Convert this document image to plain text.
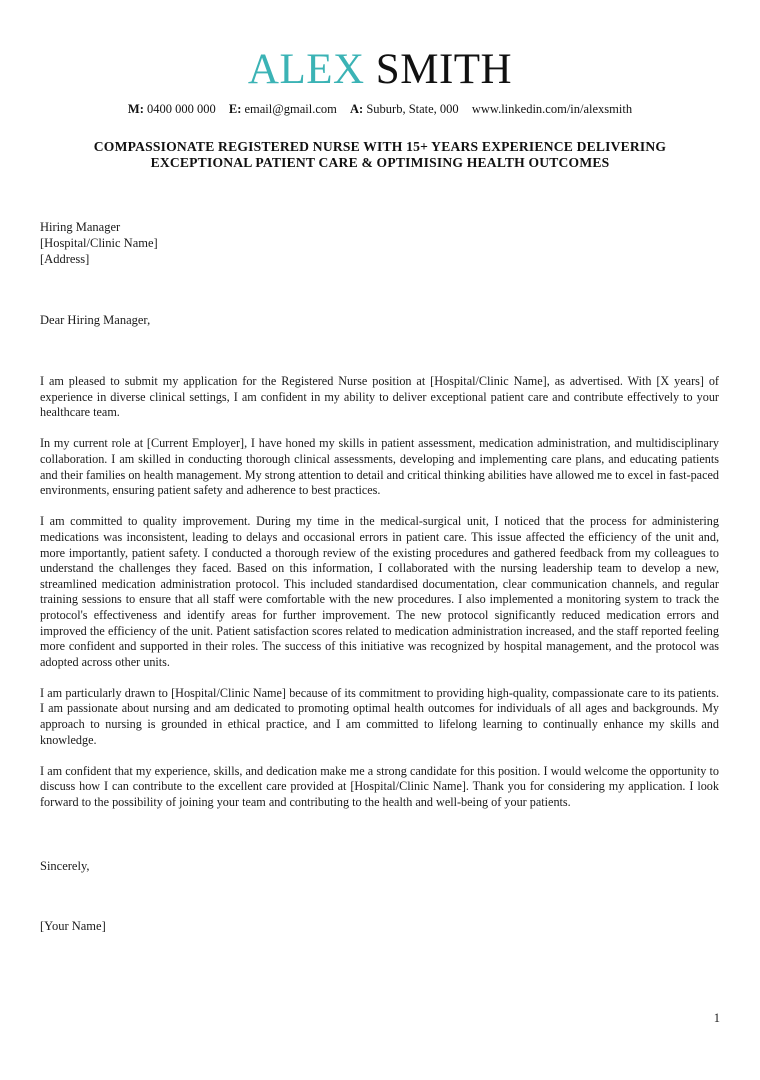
ALEX SMITH
M: 0400 000 000 E: email@gmail.com A: Suburb, State, 000 www.linkedin.com/in/alexsmith
COMPASSIONATE REGISTERED NURSE WITH 15+ YEARS EXPERIENCE DELIVERING
EXCEPTIONAL PATIENT CARE & OPTIMISING HEALTH OUTCOMES
Hiring Manager
[Hospital/Clinic Name]
[Address]
Dear Hiring Manager,

I am pleased to submit my application for the Registered Nurse position at [Hospital/Clinic Name], as advertised. With [X years] of experience in diverse clinical settings, I am confident in my ability to deliver exceptional patient care and contribute effectively to your healthcare team.

In my current role at [Current Employer], I have honed my skills in patient assessment, medication administration, and multidisciplinary collaboration. I am skilled in conducting thorough clinical assessments, developing and implementing care plans, and educating patients and their families on health management. My strong attention to detail and critical thinking abilities have allowed me to excel in fast-paced environments, ensuring patient safety and adherence to best practices.

I am committed to quality improvement. During my time in the medical-surgical unit, I noticed that the process for administering medications was inconsistent, leading to delays and occasional errors in patient care. This issue affected the efficiency of the unit and, more importantly, patient safety. I conducted a thorough review of the existing procedures and gathered feedback from my colleagues to understand the challenges they faced. Based on this information, I collaborated with the nursing leadership team to develop a new, streamlined medication administration protocol. This included standardised documentation, clear communication channels, and regular training sessions to ensure that all staff were comfortable with the new procedures. I also implemented a monitoring system to track the protocol's effectiveness and identify areas for further improvement. The new protocol significantly reduced medication errors and improved the efficiency of the unit. Patient satisfaction scores related to medication administration increased, and the staff reported feeling more confident and supported in their roles. The success of this initiative was recognized by hospital management, and the protocol was adopted across other units.

I am particularly drawn to [Hospital/Clinic Name] because of its commitment to providing high-quality, compassionate care to its patients. I am passionate about nursing and am dedicated to promoting optimal health outcomes for individuals of all ages and backgrounds. My approach to nursing is grounded in ethical practice, and I am committed to lifelong learning to continually enhance my skills and knowledge.

I am confident that my experience, skills, and dedication make me a strong candidate for this position. I would welcome the opportunity to discuss how I can contribute to the excellent care provided at [Hospital/Clinic Name]. Thank you for considering my application. I look forward to the possibility of joining your team and contributing to the health and well-being of your patients.

Sincerely,
[Your Name]
1
